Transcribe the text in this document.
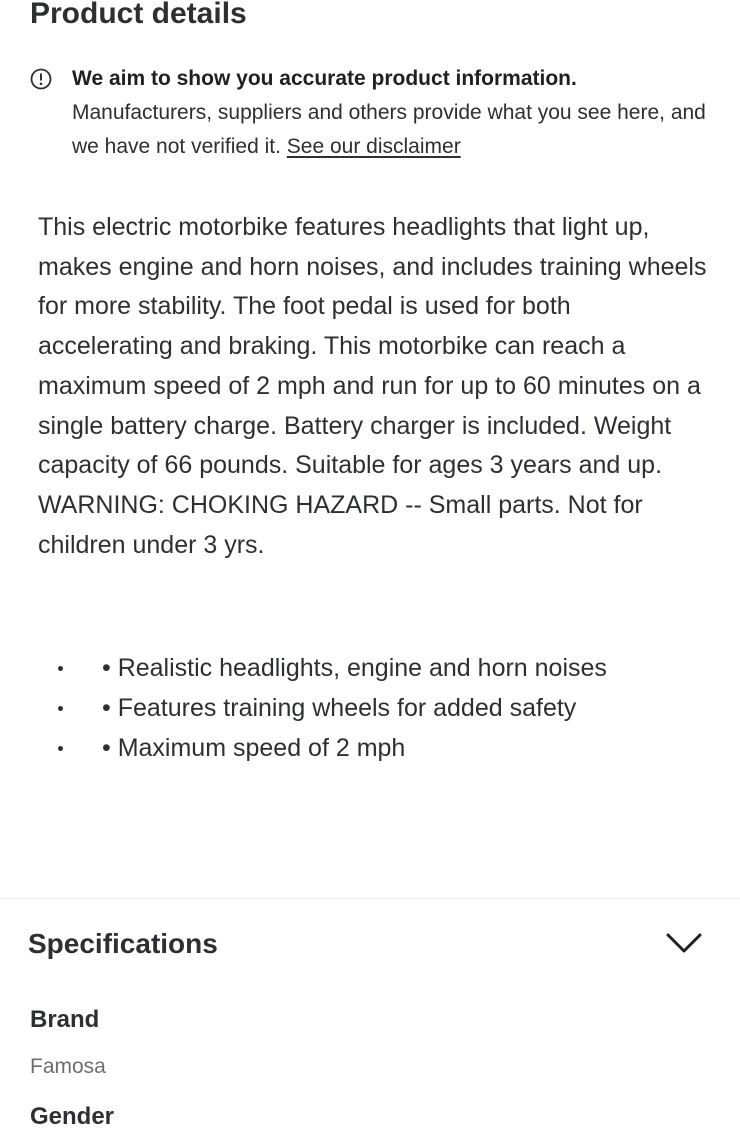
Product details
We aim to show you accurate product information.
Manufacturers, suppliers and others provide what you see here, and we have not verified it. See our disclaimer

This electric motorbike features headlights that light up, makes engine and horn noises, and includes training wheels for more stability. The foot pedal is used for both accelerating and braking. This motorbike can reach a maximum speed of 2 mph and run for up to 60 minutes on a single battery charge. Battery charger is included. Weight capacity of 66 pounds. Suitable for ages 3 years and up. WARNING: CHOKING HAZARD -- Small parts. Not for children under 3 yrs.

• Realistic headlights, engine and horn noises
• Features training wheels for added safety
• Maximum speed of 2 mph
Specifications
Brand
Famosa
Gender
